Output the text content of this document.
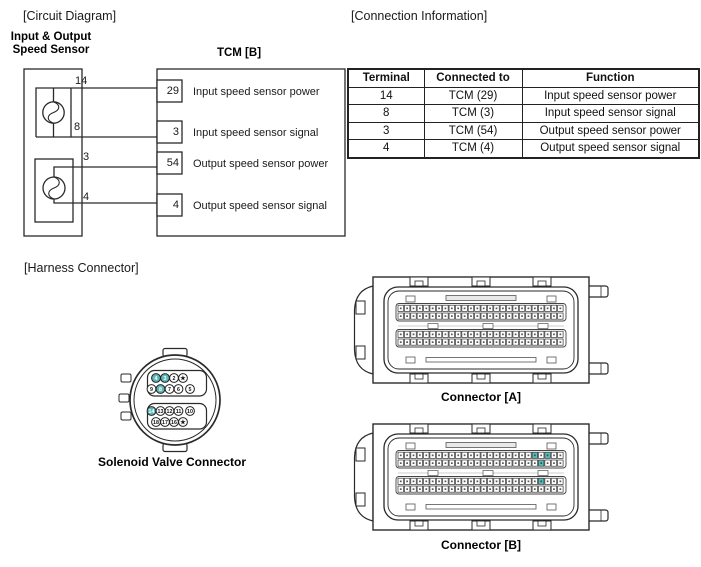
[Circuit Diagram]	[Connection Information]
[Harness Connector]
Input & Output
Speed Sensor	TCM [B]
14
29 Input speed sensor power
8	3 Input speed sensor signal
3	54 Output speed sensor power
4
4 Output speed sensor signal
Terminal	Connected to	Function
14	TCM (29)	Input speed sensor power
8	TCM (3)	Input speed sensor signal
3	TCM (54)	Output speed sensor power
4	TCM (4)	Output speed sensor signal
4 3 2 ★
9 8 7 6 5
14 13 12 11 10
18 17 16 ★
Solenoid Valve Connector
Connector [A]
Connector [B]
